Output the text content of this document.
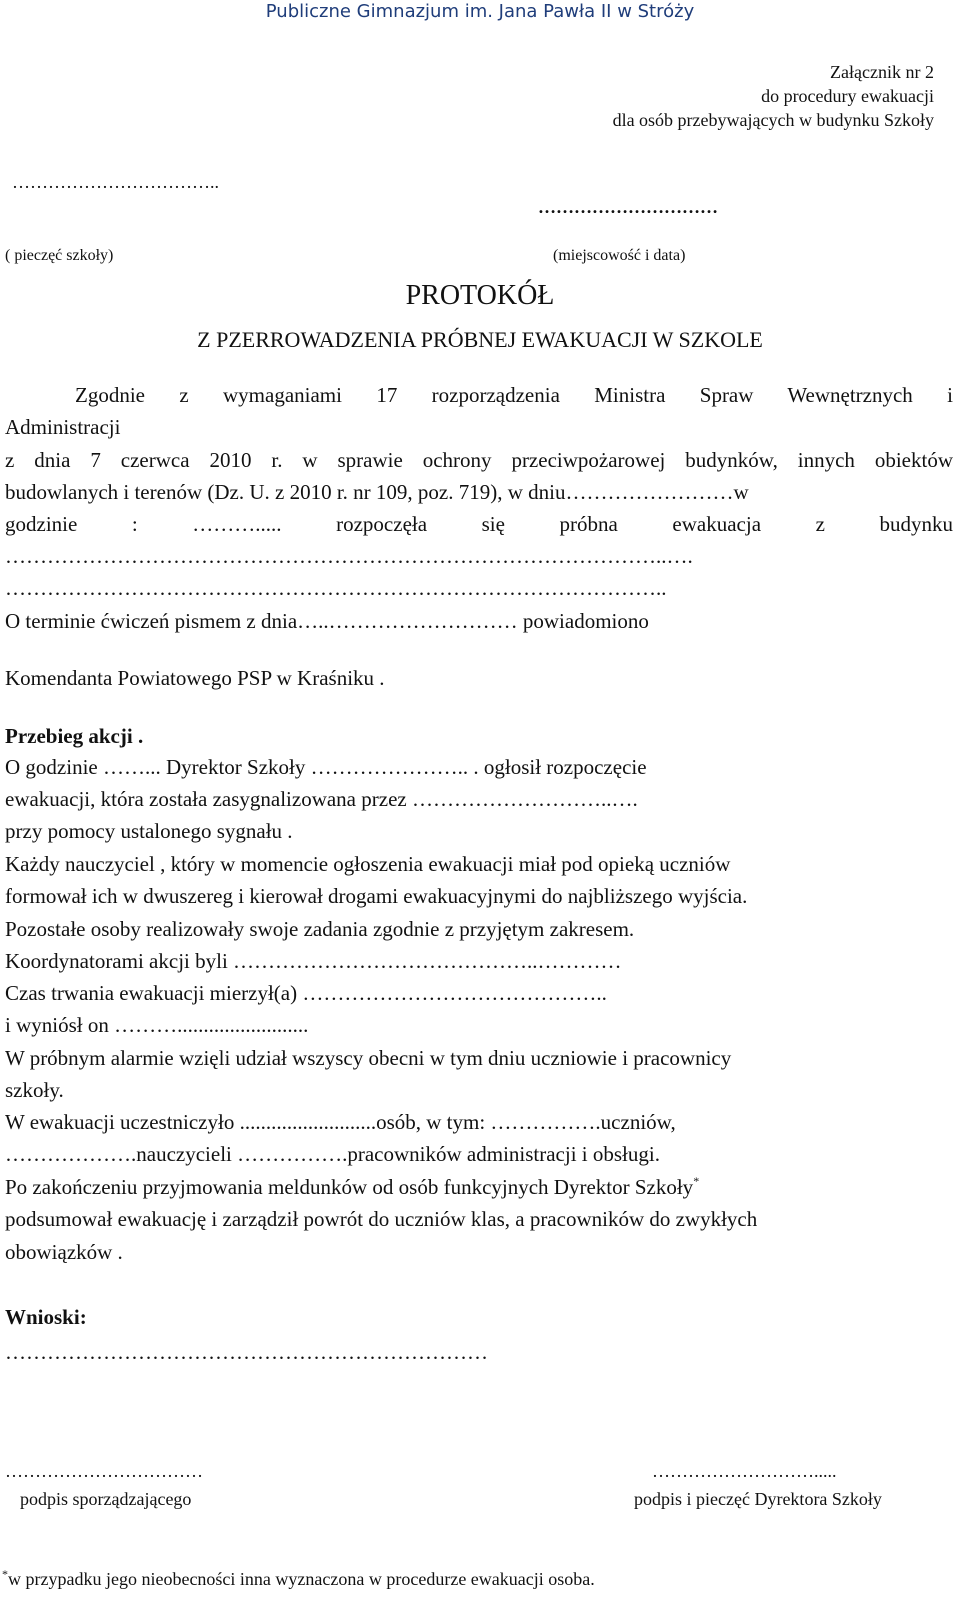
Publiczne Gimnazjum im. Jana Pawła II w Stróży
Załącznik nr 2
do procedury ewakuacji
dla osób przebywających w budynku Szkoły
……………………………..
…………………………
( pieczęć szkoły)	(miejscowość i data)
PROTOKÓŁ
Z PZERROWADZENIA PRÓBNEJ EWAKUACJI W SZKOLE
Zgodnie z wymaganiami 17 rozporządzenia Ministra Spraw Wewnętrznych i
Administracji
z dnia 7 czerwca 2010 r. w sprawie ochrony przeciwpożarowej budynków, innych obiektów
budowlanych i terenów (Dz. U. z 2010 r. nr 109, poz. 719), w dniu……………………w
godzinie : ………..... rozpoczęła się próbna ewakuacja z budynku
…………………………………………………………………………………..….
…………………………………………………………………………………..
O terminie ćwiczeń pismem z dnia…..……………………… powiadomiono
Komendanta Powiatowego PSP w Kraśniku .
Przebieg akcji .
O godzinie ……... Dyrektor Szkoły ………………….. . ogłosił rozpoczęcie
ewakuacji, która została zasygnalizowana przez ………………………..….
przy pomocy ustalonego sygnału .
Każdy nauczyciel , który w momencie ogłoszenia ewakuacji miał pod opieką uczniów
formował ich w dwuszereg i kierował drogami ewakuacyjnymi do najbliższego wyjścia.
Pozostałe osoby realizowały swoje zadania zgodnie z przyjętym zakresem.
Koordynatorami akcji byli ……………………………………..…………
Czas trwania ewakuacji mierzył(a) ……………………………………..
i wyniósł on ……….........................
W próbnym alarmie wzięli udział wszyscy obecni w tym dniu uczniowie i pracownicy
szkoły.
W ewakuacji uczestniczyło ..........................osób, w tym: …………….uczniów,
……………….nauczycieli …………….pracowników administracji i obsługi.
Po zakończeniu przyjmowania meldunków od osób funkcyjnych Dyrektor Szkoły*
podsumował ewakuację i zarządził powrót do uczniów klas, a pracowników do zwykłych
obowiązków .
Wnioski:
……………………………………………………………
……………………………	……………………….....
podpis sporządzającego	podpis i pieczęć Dyrektora Szkoły
*w przypadku jego nieobecności inna wyznaczona w procedurze ewakuacji osoba.
